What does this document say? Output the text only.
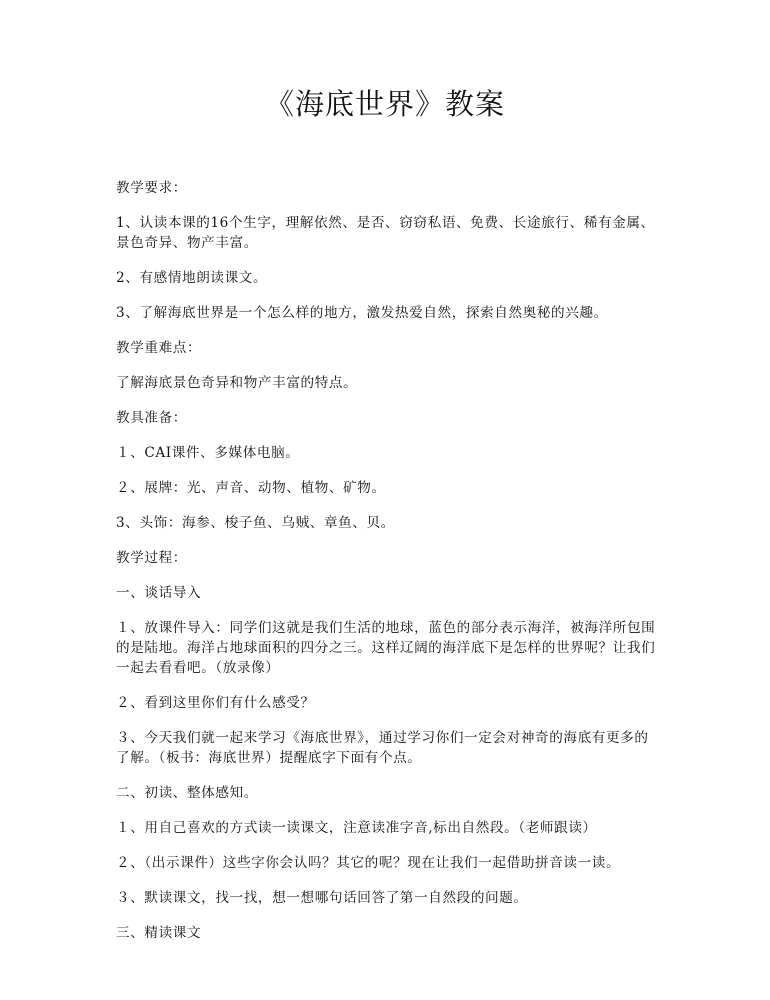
《海底世界》教案

教学要求：

1、认读本课的16个生字，理解依然、是否、窃窃私语、免费、长途旅行、稀有金属、景色奇异、物产丰富。

2、有感情地朗读课文。

3、了解海底世界是一个怎么样的地方，激发热爱自然，探索自然奥秘的兴趣。

教学重难点：

了解海底景色奇异和物产丰富的特点。

教具准备：

１、CAI课件、多媒体电脑。

２、展牌：光、声音、动物、植物、矿物。

3、头饰：海参、梭子鱼、乌贼、章鱼、贝。

教学过程：

一、谈话导入

１、放课件导入：同学们这就是我们生活的地球，蓝色的部分表示海洋，被海洋所包围的是陆地。海洋占地球面积的四分之三。这样辽阔的海洋底下是怎样的世界呢？让我们一起去看看吧。（放录像）

２、看到这里你们有什么感受？

３、今天我们就一起来学习《海底世界》，通过学习你们一定会对神奇的海底有更多的了解。（板书：海底世界）提醒底字下面有个点。

二、初读、整体感知。

１、用自己喜欢的方式读一读课文，注意读准字音,标出自然段。（老师跟读）

２、（出示课件）这些字你会认吗？其它的呢？现在让我们一起借助拼音读一读。

３、默读课文，找一找，想一想哪句话回答了第一自然段的问题。

三、精读课文
